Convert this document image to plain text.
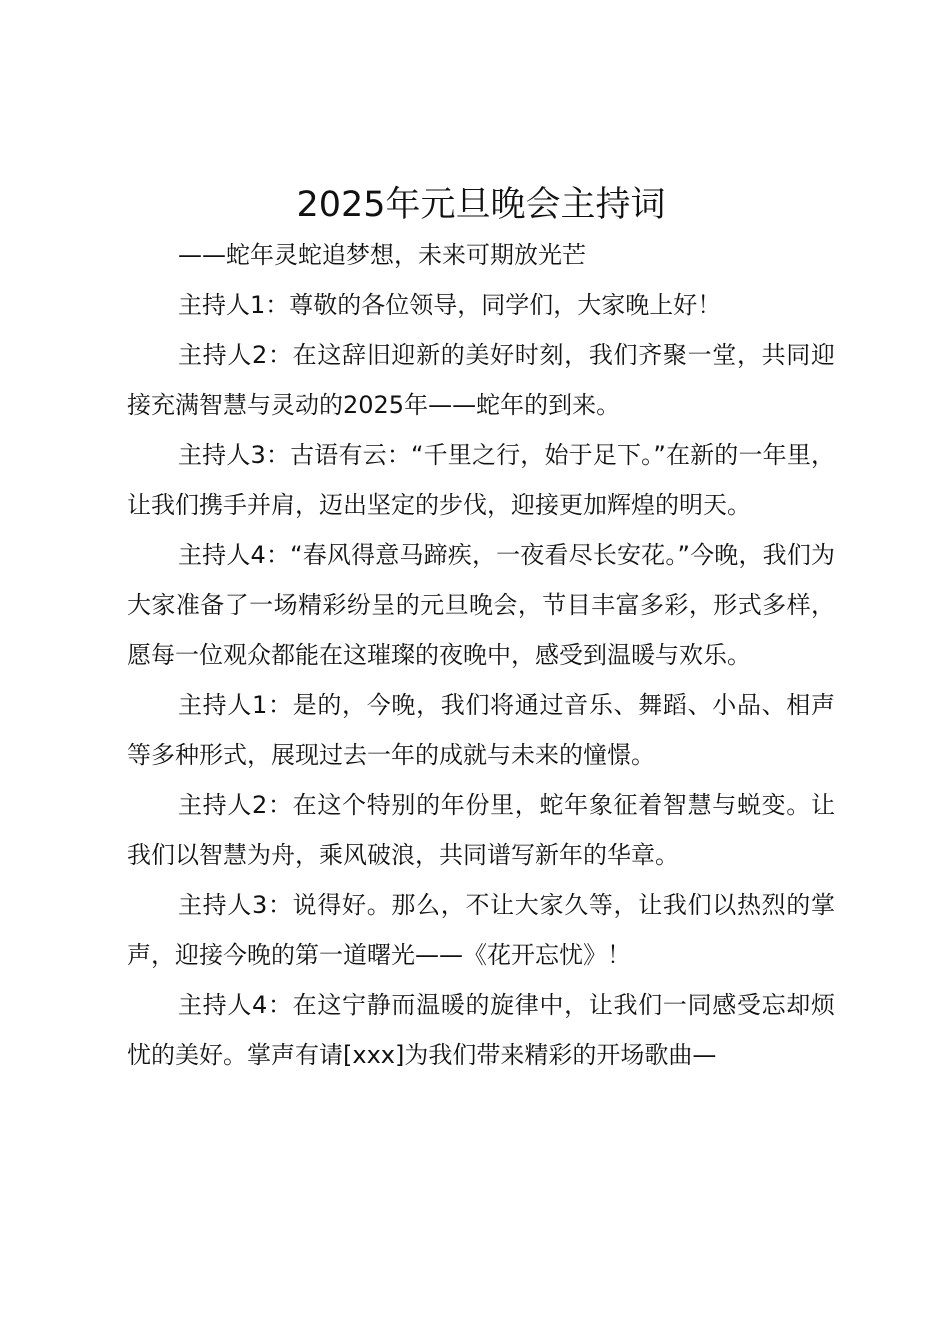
2025年元旦晚会主持词

——蛇年灵蛇追梦想，未来可期放光芒

主持人1：尊敬的各位领导，同学们，大家晚上好！

主持人2：在这辞旧迎新的美好时刻，我们齐聚一堂，共同迎接充满智慧与灵动的2025年——蛇年的到来。

主持人3：古语有云：“千里之行，始于足下。”在新的一年里，让我们携手并肩，迈出坚定的步伐，迎接更加辉煌的明天。

主持人4：“春风得意马蹄疾，一夜看尽长安花。”今晚，我们为大家准备了一场精彩纷呈的元旦晚会，节目丰富多彩，形式多样，愿每一位观众都能在这璀璨的夜晚中，感受到温暖与欢乐。

主持人1：是的，今晚，我们将通过音乐、舞蹈、小品、相声等多种形式，展现过去一年的成就与未来的憧憬。

主持人2：在这个特别的年份里，蛇年象征着智慧与蜕变。让我们以智慧为舟，乘风破浪，共同谱写新年的华章。

主持人3：说得好。那么，不让大家久等，让我们以热烈的掌声，迎接今晚的第一道曙光——《花开忘忧》！

主持人4：在这宁静而温暖的旋律中，让我们一同感受忘却烦忧的美好。掌声有请[xxx]为我们带来精彩的开场歌曲—
